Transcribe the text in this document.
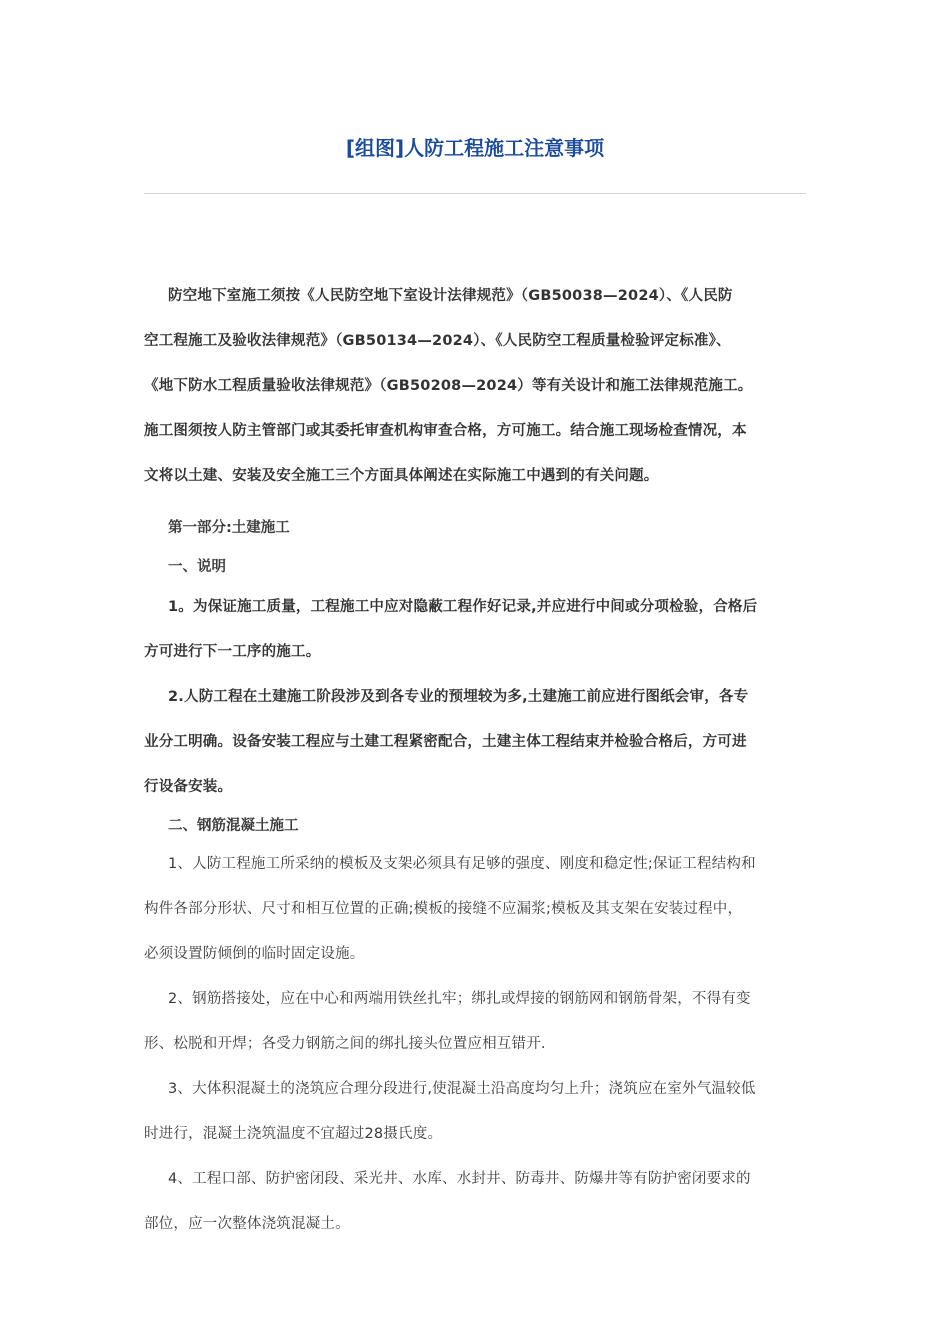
[组图]人防工程施工注意事项

防空地下室施工须按《人民防空地下室设计法律规范》（GB50038—2024）、《人民防
空工程施工及验收法律规范》（GB50134—2024）、《人民防空工程质量检验评定标准》、
《地下防水工程质量验收法律规范》（GB50208—2024）等有关设计和施工法律规范施工。
施工图须按人防主管部门或其委托审查机构审查合格，方可施工。结合施工现场检查情况，本
文将以土建、安装及安全施工三个方面具体阐述在实际施工中遇到的有关问题。

第一部分:土建施工

一、说明

1。为保证施工质量，工程施工中应对隐蔽工程作好记录,并应进行中间或分项检验，合格后
方可进行下一工序的施工。

2.人防工程在土建施工阶段涉及到各专业的预埋较为多,土建施工前应进行图纸会审，各专
业分工明确。设备安装工程应与土建工程紧密配合，土建主体工程结束并检验合格后，方可进
行设备安装。

二、钢筋混凝土施工

1、人防工程施工所采纳的模板及支架必须具有足够的强度、刚度和稳定性;保证工程结构和
构件各部分形状、尺寸和相互位置的正确;模板的接缝不应漏浆;模板及其支架在安装过程中，
必须设置防倾倒的临时固定设施。

2、钢筋搭接处，应在中心和两端用铁丝扎牢；绑扎或焊接的钢筋网和钢筋骨架，不得有变
形、松脱和开焊；各受力钢筋之间的绑扎接头位置应相互错开.

3、大体积混凝土的浇筑应合理分段进行,使混凝土沿高度均匀上升；浇筑应在室外气温较低
时进行，混凝土浇筑温度不宜超过28摄氏度。

4、工程口部、防护密闭段、采光井、水库、水封井、防毒井、防爆井等有防护密闭要求的
部位，应一次整体浇筑混凝土。
